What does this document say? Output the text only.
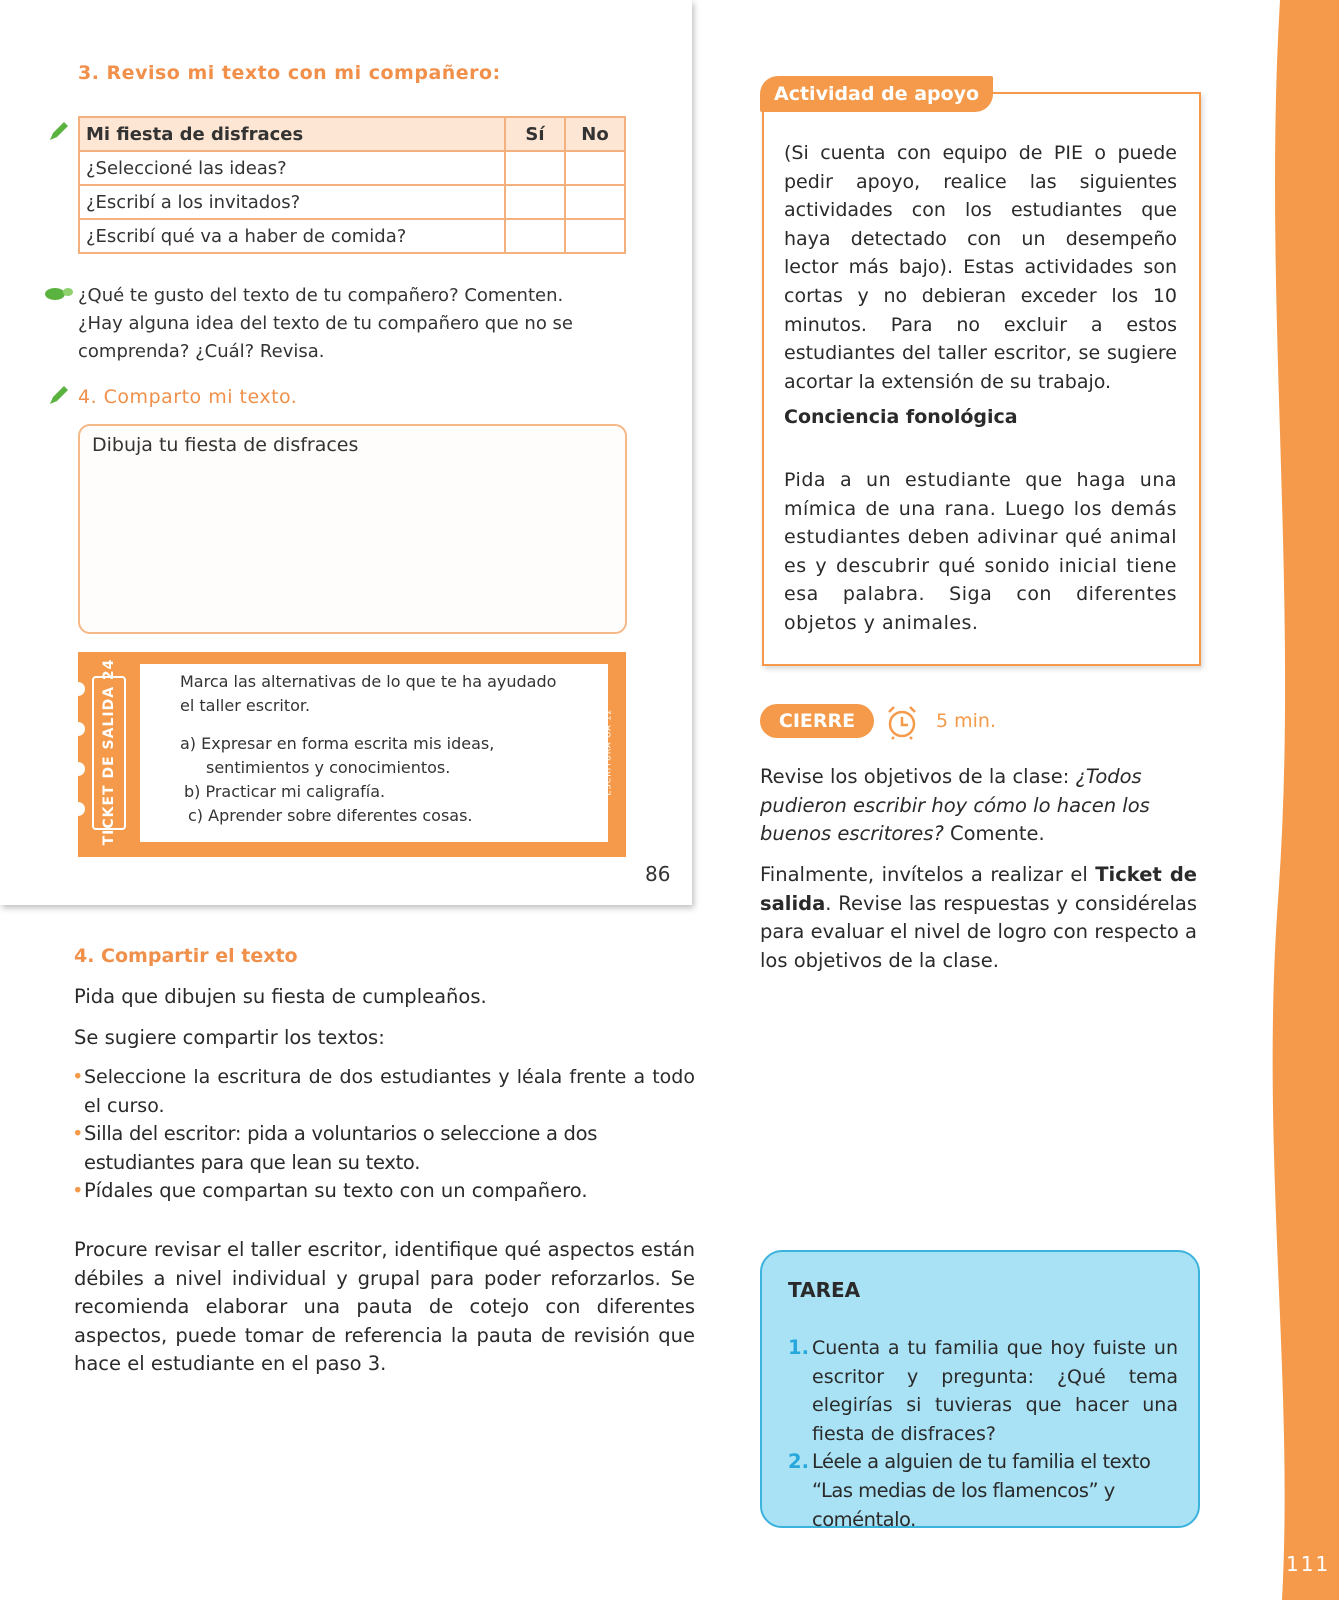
111
3. Reviso mi texto con mi compañero:
Mi fiesta de disfraces	Sí	No
¿Seleccioné las ideas?		
¿Escribí a los invitados?		
¿Escribí qué va a haber de comida?		
¿Qué te gusto del texto de tu compañero? Comenten.
¿Hay alguna idea del texto de tu compañero que no se
comprenda? ¿Cuál? Revisa.
4. Comparto mi texto.
Dibuja tu fiesta de disfraces
TICKET DE SALIDA 24	Marca las alternativas de lo que te ha ayudado
el taller escritor.
a) Expresar en forma escrita mis ideas,
sentimientos y conocimientos.
b) Practicar mi caligrafía.
c) Aprender sobre diferentes cosas.
ESCRITURA OA 12
86
(Si cuenta con equipo de PIE o puede pedir apoyo, realice las siguientes actividades con los estudiantes que haya detectado con un desempeño lector más bajo). Estas actividades son cortas y no debieran exceder los 10 minutos. Para no excluir a estos estudiantes del taller escritor, se sugiere acortar la extensión de su trabajo.
Conciencia fonológica
Pida a un estudiante que haga una mímica de una rana. Luego los demás estudiantes deben adivinar qué animal es y descubrir qué sonido inicial tiene esa palabra. Siga con diferentes objetos y animales.
Actividad de apoyo
CIERRE	5 min.
Revise los objetivos de la clase: ¿Todos pudieron escribir hoy cómo lo hacen los buenos escritores? Comente.
Finalmente, invítelos a realizar el Ticket de salida. Revise las respuestas y considérelas para evaluar el nivel de logro con respecto a los objetivos de la clase.
4. Compartir el texto
Pida que dibujen su fiesta de cumpleaños.
Se sugiere compartir los textos:
• Seleccione la escritura de dos estudiantes y léala frente a todo el curso.
• Silla del escritor: pida a voluntarios o seleccione a dos estudiantes para que lean su texto.
• Pídales que compartan su texto con un compañero.
Procure revisar el taller escritor, identifique qué aspectos están débiles a nivel individual y grupal para poder reforzarlos. Se recomienda elaborar una pauta de cotejo con diferentes aspectos, puede tomar de referencia la pauta de revisión que hace el estudiante en el paso 3.
TAREA
1. Cuenta a tu familia que hoy fuiste un escritor y pregunta: ¿Qué tema elegirías si tuvieras que hacer una fiesta de disfraces?
2. Léele a alguien de tu familia el texto “Las medias de los flamencos” y coméntalo.
